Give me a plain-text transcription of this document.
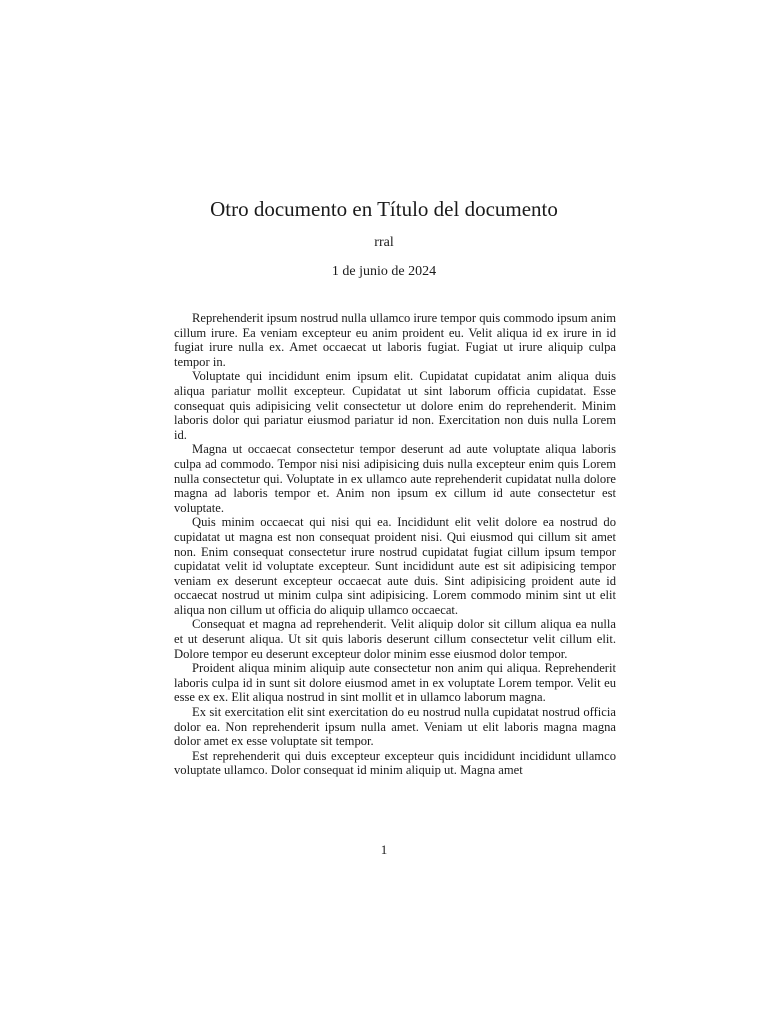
Otro documento en Título del documento
rral
1 de junio de 2024

Reprehenderit ipsum nostrud nulla ullamco irure tempor quis commodo ipsum anim cillum irure. Ea veniam excepteur eu anim proident eu. Velit aliqua id ex irure in id fugiat irure nulla ex. Amet occaecat ut laboris fugiat. Fugiat ut irure aliquip culpa tempor in.

Voluptate qui incididunt enim ipsum elit. Cupidatat cupidatat anim aliqua duis aliqua pariatur mollit excepteur. Cupidatat ut sint laborum officia cupidatat. Esse consequat quis adipisicing velit consectetur ut dolore enim do reprehenderit. Minim laboris dolor qui pariatur eiusmod pariatur id non. Exercitation non duis nulla Lorem id.

Magna ut occaecat consectetur tempor deserunt ad aute voluptate aliqua laboris culpa ad commodo. Tempor nisi nisi adipisicing duis nulla excepteur enim quis Lorem nulla consectetur qui. Voluptate in ex ullamco aute reprehenderit cupidatat nulla dolore magna ad laboris tempor et. Anim non ipsum ex cillum id aute consectetur est voluptate.

Quis minim occaecat qui nisi qui ea. Incididunt elit velit dolore ea nostrud do cupidatat ut magna est non consequat proident nisi. Qui eiusmod qui cillum sit amet non. Enim consequat consectetur irure nostrud cupidatat fugiat cillum ipsum tempor cupidatat velit id voluptate excepteur. Sunt incididunt aute est sit adipisicing tempor veniam ex deserunt excepteur occaecat aute duis. Sint adipisicing proident aute id occaecat nostrud ut minim culpa sint adipisicing. Lorem commodo minim sint ut elit aliqua non cillum ut officia do aliquip ullamco occaecat.

Consequat et magna ad reprehenderit. Velit aliquip dolor sit cillum aliqua ea nulla et ut deserunt aliqua. Ut sit quis laboris deserunt cillum consectetur velit cillum elit. Dolore tempor eu deserunt excepteur dolor minim esse eiusmod dolor tempor.

Proident aliqua minim aliquip aute consectetur non anim qui aliqua. Reprehenderit laboris culpa id in sunt sit dolore eiusmod amet in ex voluptate Lorem tempor. Velit eu esse ex ex. Elit aliqua nostrud in sint mollit et in ullamco laborum magna.

Ex sit exercitation elit sint exercitation do eu nostrud nulla cupidatat nostrud officia dolor ea. Non reprehenderit ipsum nulla amet. Veniam ut elit laboris magna magna dolor amet ex esse voluptate sit tempor.

Est reprehenderit qui duis excepteur excepteur quis incididunt incididunt ullamco voluptate ullamco. Dolor consequat id minim aliquip ut. Magna amet

1
